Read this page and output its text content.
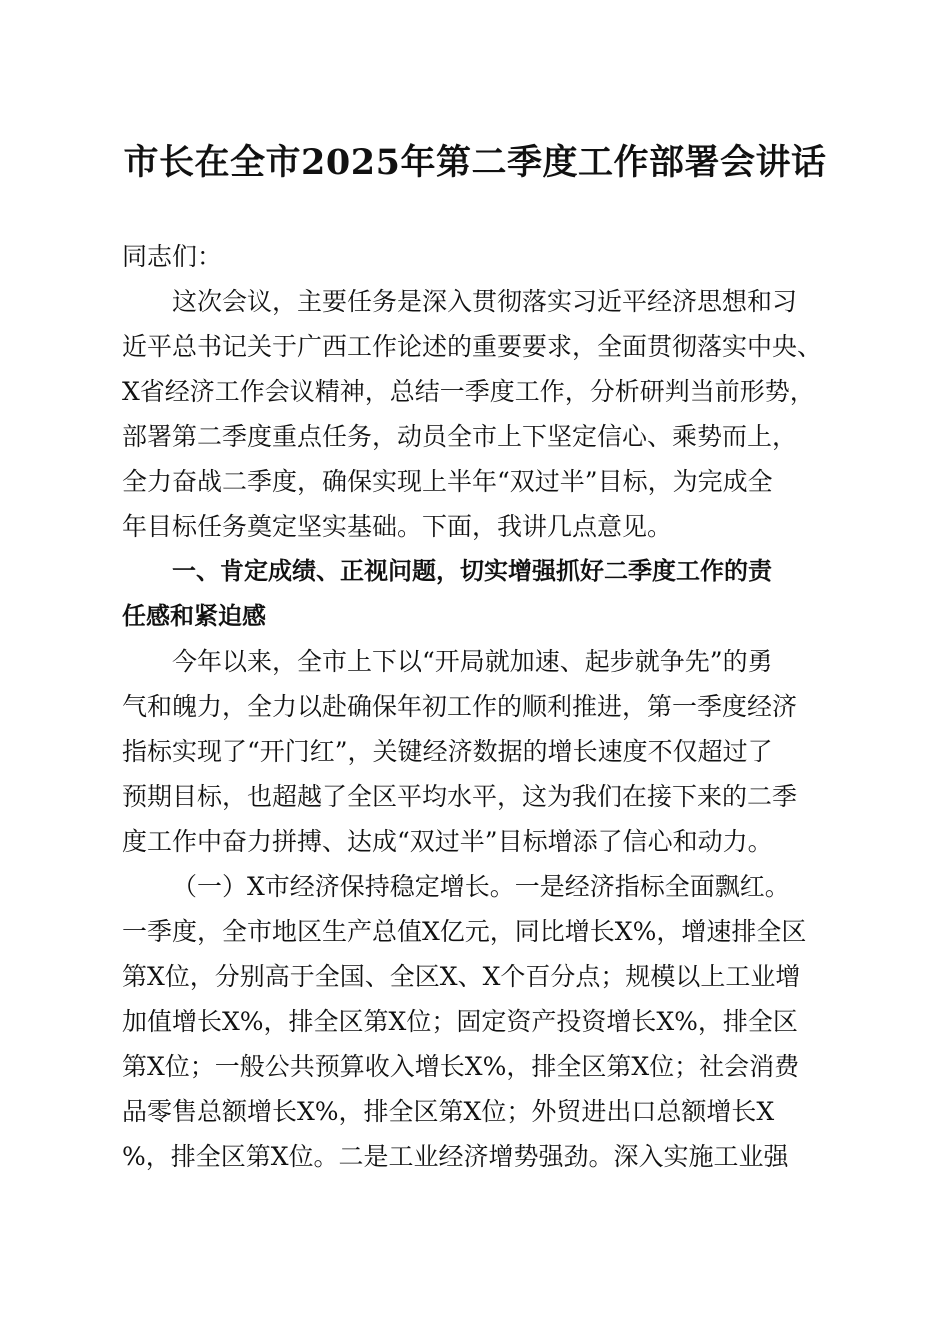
市长在全市2025年第二季度工作部署会讲话
同志们：
这次会议，主要任务是深入贯彻落实习近平经济思想和习
近平总书记关于广西工作论述的重要要求，全面贯彻落实中央、
X省经济工作会议精神，总结一季度工作，分析研判当前形势，
部署第二季度重点任务，动员全市上下坚定信心、乘势而上，
全力奋战二季度，确保实现上半年“双过半”目标，为完成全
年目标任务奠定坚实基础。下面，我讲几点意见。
一、肯定成绩、正视问题，切实增强抓好二季度工作的责
任感和紧迫感
今年以来，全市上下以“开局就加速、起步就争先”的勇
气和魄力，全力以赴确保年初工作的顺利推进，第一季度经济
指标实现了“开门红”，关键经济数据的增长速度不仅超过了
预期目标，也超越了全区平均水平，这为我们在接下来的二季
度工作中奋力拼搏、达成“双过半”目标增添了信心和动力。
（一）X市经济保持稳定增长。一是经济指标全面飘红。
一季度，全市地区生产总值X亿元，同比增长X%，增速排全区
第X位，分别高于全国、全区X、X个百分点；规模以上工业增
加值增长X%，排全区第X位；固定资产投资增长X%，排全区
第X位；一般公共预算收入增长X%，排全区第X位；社会消费
品零售总额增长X%，排全区第X位；外贸进出口总额增长X
%，排全区第X位。二是工业经济增势强劲。深入实施工业强
